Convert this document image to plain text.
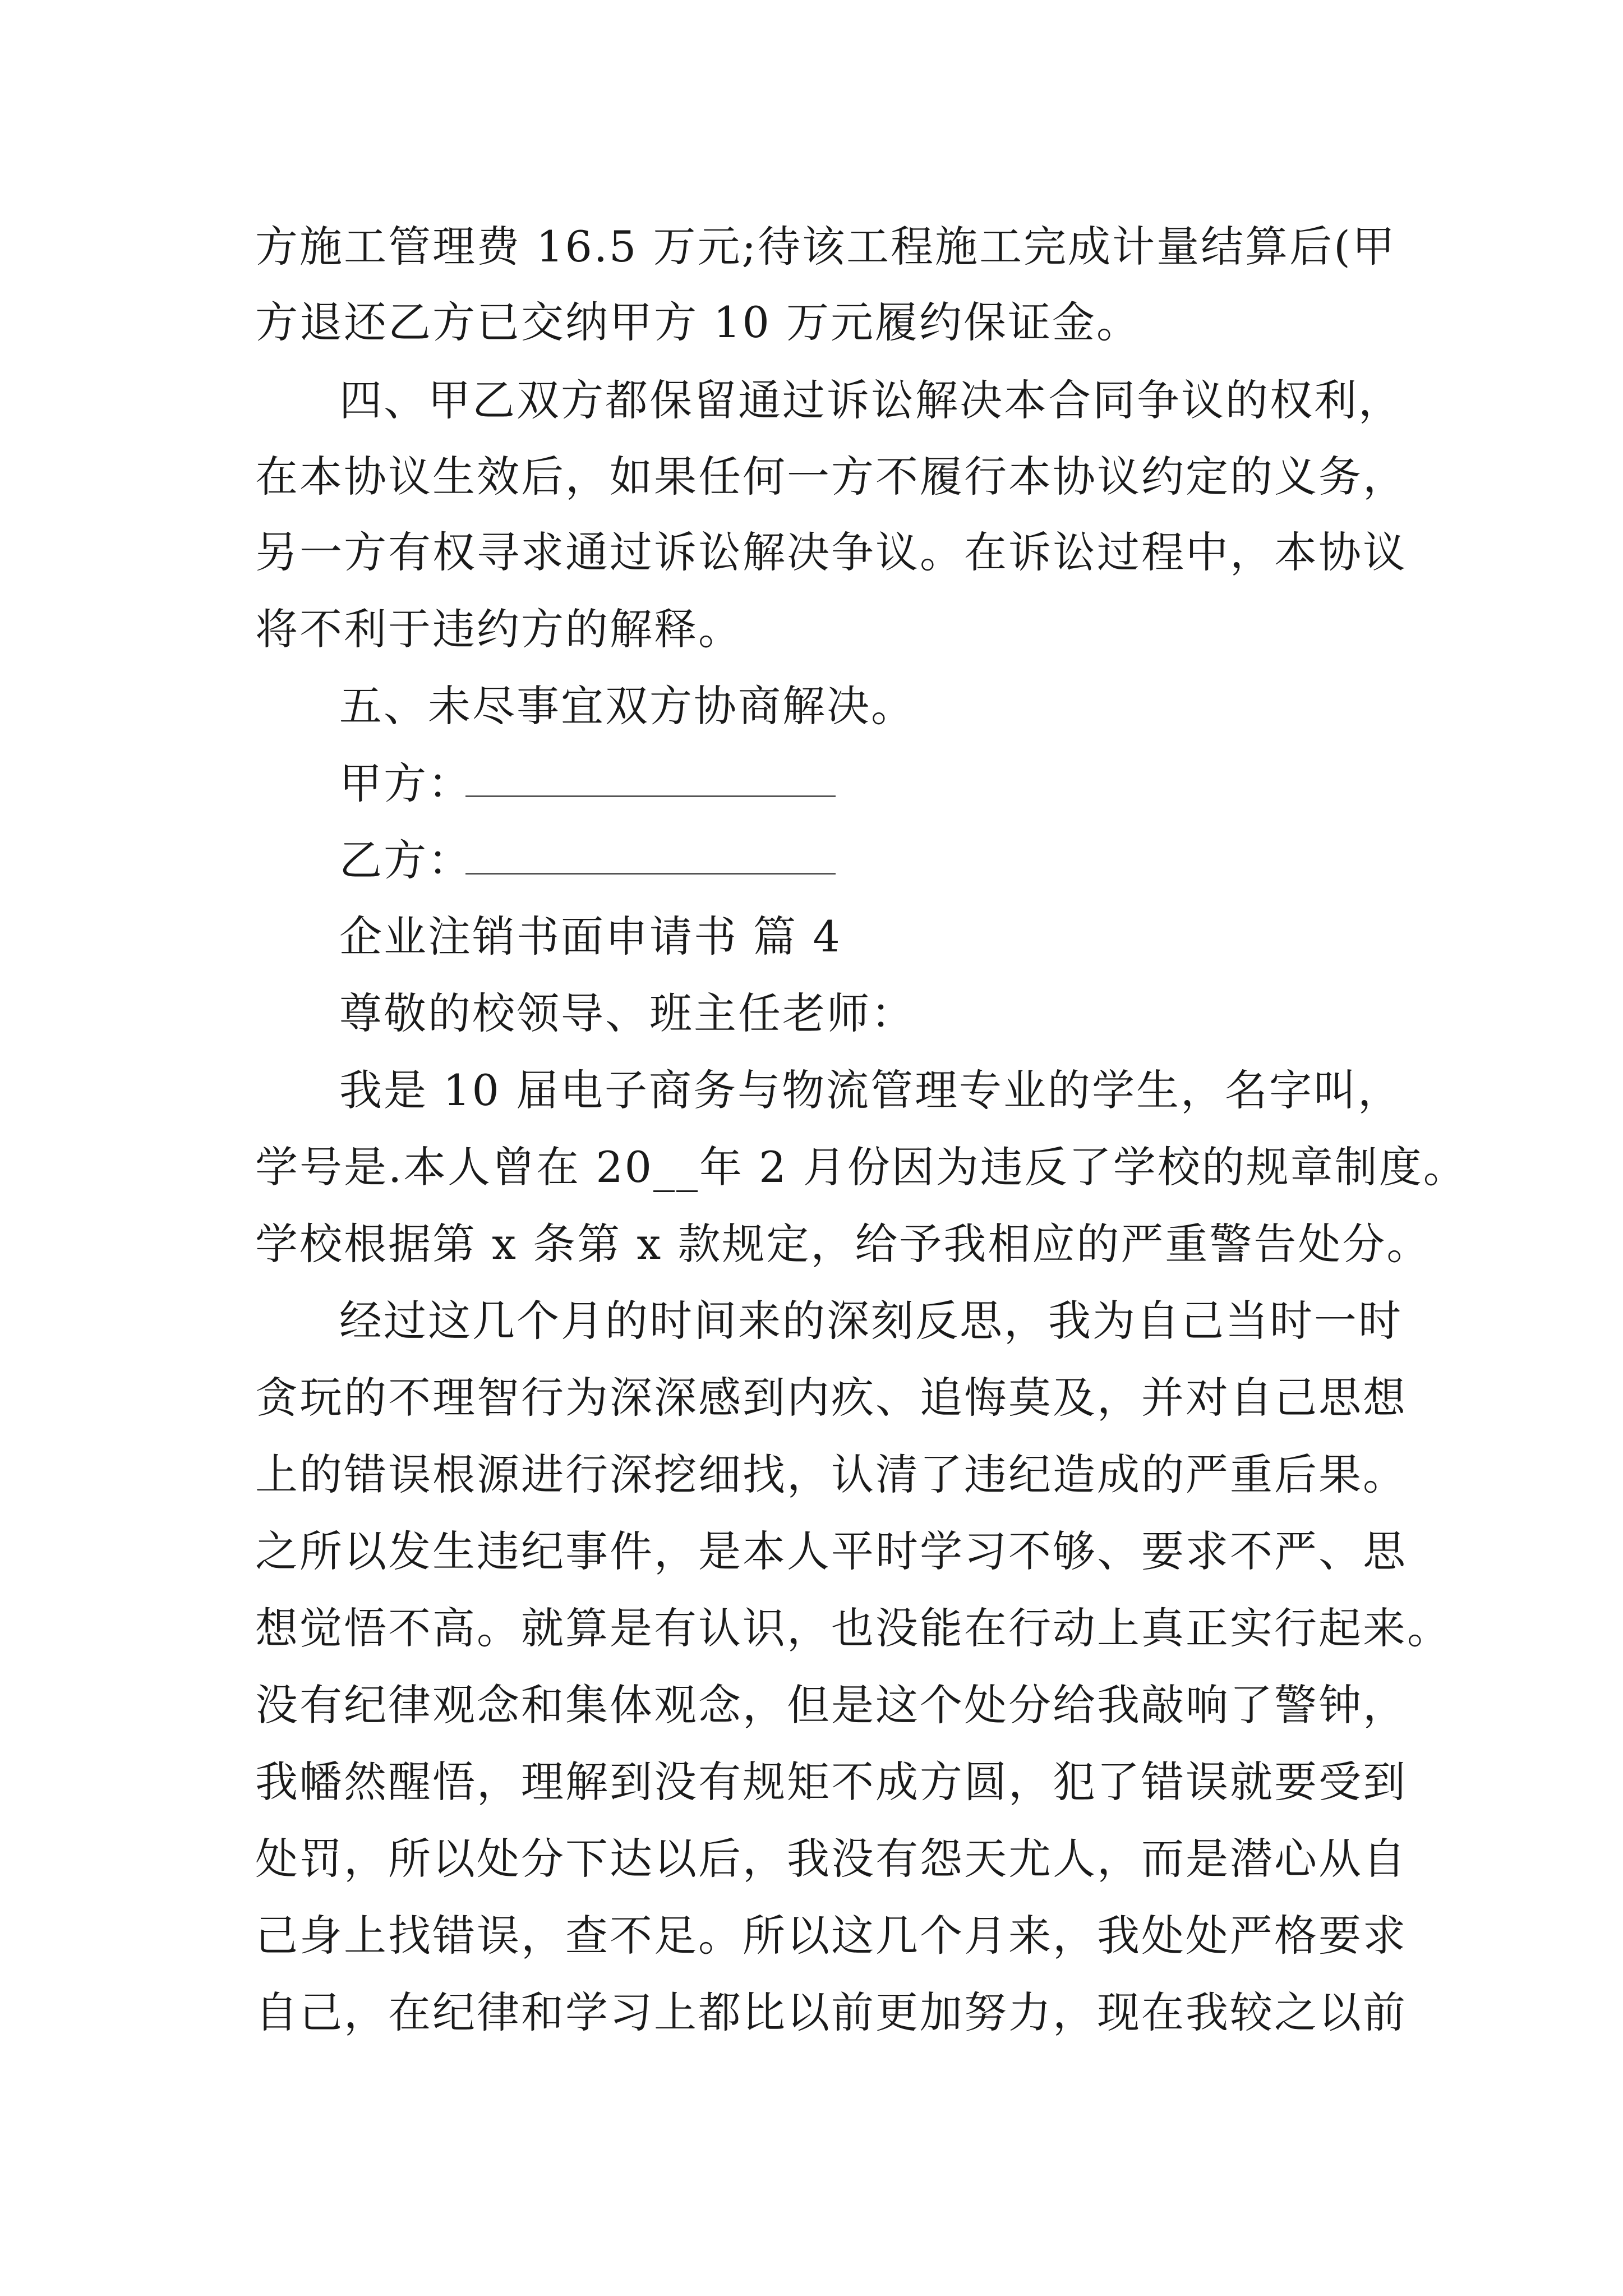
方施工管理费 16.5 万元;待该工程施工完成计量结算后(甲
方退还乙方已交纳甲方 10 万元履约保证金。
四、甲乙双方都保留通过诉讼解决本合同争议的权利，
在本协议生效后，如果任何一方不履行本协议约定的义务，
另一方有权寻求通过诉讼解决争议。在诉讼过程中，本协议
将不利于违约方的解释。
五、未尽事宜双方协商解决。
甲方：
乙方：
企业注销书面申请书 篇 4
尊敬的校领导、班主任老师：
我是 10 届电子商务与物流管理专业的学生，名字叫，
学号是.本人曾在 20__年 2 月份因为违反了学校的规章制度。
学校根据第 x 条第 x 款规定，给予我相应的严重警告处分。
经过这几个月的时间来的深刻反思，我为自己当时一时
贪玩的不理智行为深深感到内疚、追悔莫及，并对自己思想
上的错误根源进行深挖细找，认清了违纪造成的严重后果。
之所以发生违纪事件，是本人平时学习不够、要求不严、思
想觉悟不高。就算是有认识，也没能在行动上真正实行起来。
没有纪律观念和集体观念，但是这个处分给我敲响了警钟，
我幡然醒悟，理解到没有规矩不成方圆，犯了错误就要受到
处罚，所以处分下达以后，我没有怨天尤人，而是潜心从自
己身上找错误，查不足。所以这几个月来，我处处严格要求
自己，在纪律和学习上都比以前更加努力，现在我较之以前
